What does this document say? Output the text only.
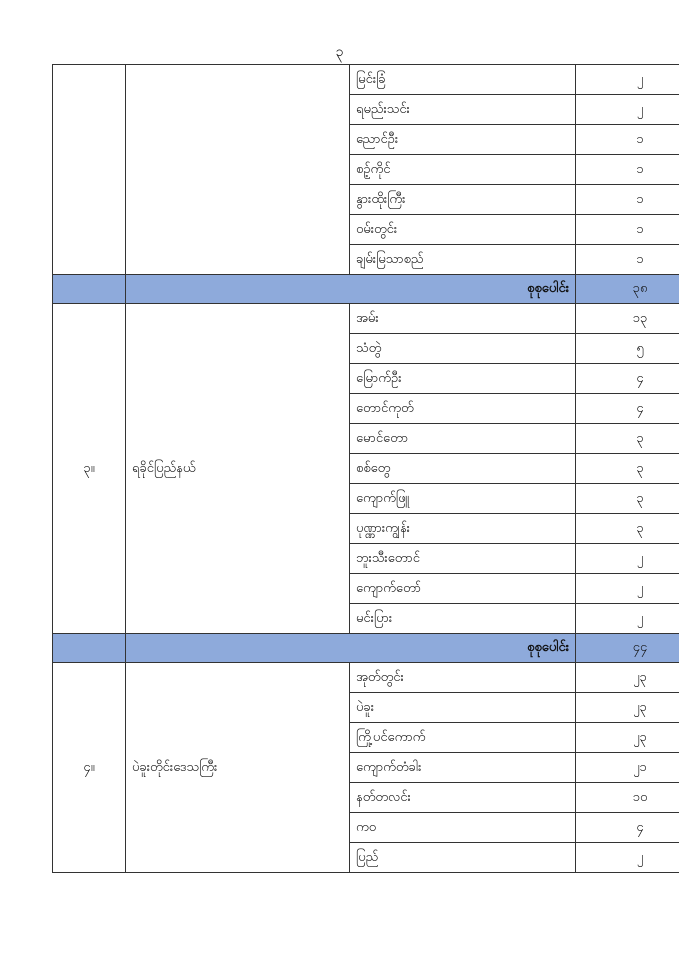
၃
		မြင်းခြံ	၂
		ရမည်းသင်း	၂
		ညောင်ဦး	၁
		စဥ့်ကိုင်	၁
		နွားထိုးကြီး	၁
		ဝမ်းတွင်း	၁
		ချမ်းမြသာစည်	၁
	စုစုပေါင်း		၃၈
၃။	ရခိုင်ပြည်နယ်	အမ်း	၁၃
		သံတွဲ	၅
		မြောက်ဦး	၄
		တောင်ကုတ်	၄
		မောင်တော	၃
		စစ်တွေ	၃
		ကျောက်ဖြူ	၃
		ပုဏ္ဏားကျွန်း	၃
		ဘူးသီးတောင်	၂
		ကျောက်တော်	၂
		မင်းပြား	၂
	စုစုပေါင်း		၄၄
၄။	ပဲခူးတိုင်းဒေသကြီး	အုတ်တွင်း	၂၃
		ပဲခူး	၂၃
		ကြို့ပင်ကောက်	၂၃
		ကျောက်တံခါး	၂၁
		နတ်တလင်း	၁၀
		ကဝ	၄
		ပြည်	၂
